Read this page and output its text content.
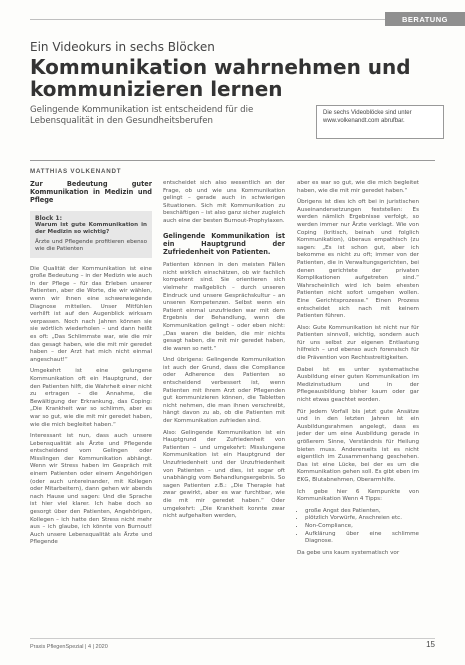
BERATUNG
Ein Videokurs in sechs Blöcken
Kommunikation wahrnehmen und kommunizieren lernen
Gelingende Kommunikation ist entscheidend für die Lebensqualität in den Gesundheitsberufen
Die sechs Videoblöcke sind unter www.volkenandt.com abrufbar.
MATTHIAS VOLKENANDT
Zur Bedeutung guter Kommunikation in Medizin und Pflege
Block 1:
Warum ist gute Kommunikation in der Medizin so wichtig?
Ärzte und Pflegende profitieren ebenso wie die Patienten

Die Qualität der Kommunikation ist eine große Bedeutung – in der Medizin wie auch in der Pflege – für das Erleben unserer Patienten, aber die Worte, die wir wählen, wenn wir ihnen eine schwerwiegende Diagnose mitteilen. Unser Mitfühlen verhilft ist auf den Augenblick wirksam verpassen. Noch nach Jahren können sie sie wörtlich wiederholen – und dann heißt es oft: „Das Schlimmste war, wie die mir das gesagt haben, wie die mit mir geredet haben – der Arzt hat mich nicht einmal angeschaut!“

Umgekehrt ist eine gelungene Kommunikation oft ein Hauptgrund, der den Patienten hilft, die Wahrheit einer nicht zu ertragen – die Annahme, die Bewältigung der Erkrankung, das Coping: „Die Krankheit war so schlimm, aber es war so gut, wie die mit mir geredet haben, wie die mich begleitet haben.“

Interessant ist nun, dass auch unsere Lebensqualität als Ärzte und Pflegende entscheidend vom Gelingen oder Misslingen der Kommunikation abhängt. Wenn wir Stress haben im Gespräch mit einem Patienten oder einem Angehörigen (oder auch untereinander, mit Kollegen oder Mitarbeitern), dann gehen wir abends nach Hause und sagen: Und die Sprache ist hier viel klarer. Ich habe doch so gesorgt über den Patienten, Angehörigen, Kollegen – ich hatte den Stress nicht mehr aus – ich glaube, ich könnte von Burnout! Auch unsere Lebensqualität als Ärzte und Pflegende

entscheidet sich also wesentlich an der Frage, ob und wie uns Kommunikation gelingt – gerade auch in schwierigen Situationen. Sich mit Kommunikation zu beschäftigen – ist also ganz sicher zugleich auch eine der besten Burnout-Prophylaxen.

Gelingende Kommunikation ist ein Hauptgrund der Zufriedenheit von Patienten.

Patienten können in den meisten Fällen nicht wirklich einschätzen, ob wir fachlich kompetent sind. Sie orientieren sich vielmehr maßgeblich – durch unseren Eindruck und unsere Gesprächskultur – an unseren Kompetenzen. Selbst wenn ein Patient einmal unzufrieden war mit dem Ergebnis der Behandlung, wenn die Kommunikation gelingt – oder eben nicht: „Das waren die beiden, die mir nichts gesagt haben, die mit mir geredet haben, die waren so nett.“

Und übrigens: Gelingende Kommunikation ist auch der Grund, dass die Compliance oder Adherence des Patienten so entscheidend verbessert ist, wenn Patienten mit ihrem Arzt oder Pflegenden gut kommunizieren können, die Tabletten nicht nehmen, die man ihnen verschreibt, hängt davon zu ab, ob die Patienten mit der Kommunikation zufrieden sind.

Also: Gelingende Kommunikation ist ein Hauptgrund der Zufriedenheit von Patienten – und umgekehrt: Misslungene Kommunikation ist ein Hauptgrund der Unzufriedenheit und der Unzufriedenheit von Patienten – und dies, ist sogar oft unabhängig vom Behandlungsergebnis. So sagen Patienten z.B.: „Die Therapie hat zwar gewirkt, aber es war furchtbar, wie die mit mir geredet haben.“ Oder umgekehrt: „Die Krankheit konnte zwar nicht aufgehalten werden,

aber es war so gut, wie die mich begleitet haben, wie die mit mir geredet haben.“

Übrigens ist dies ich oft bei in juristischen Auseinandersetzungen feststellen: Es werden nämlich Ergebnisse verfolgt, so werden immer nur Ärzte verklagt. Wie von Coping (kritisch, beinah und folglich Kommunikation), überaus empathisch (zu sagen: „Es ist schon gut, aber ich bekomme es nicht zu oft; immer von der Patienten, die in Verwaltungsgerichten, bei denen gerichtete der privaten Komplikationen aufgetreten sind.“ Wahrscheinlich wird ich beim ehesten Patienten nicht sofort umgehen wollen. Eine Gerichtsprozesse.“ Einen Prozess entscheidet sich nach mit keinem Patienten führen.

Also: Gute Kommunikation ist nicht nur für Patienten sinnvoll, wichtig, sondern auch für uns selbst zur eigenen Entlastung hilfreich – und ebenso auch forensisch für die Prävention von Rechtsstreitigkeiten.

Dabei ist es unter systematische Ausbildung einer guten Kommunikation im Medizinstudium und in der Pflegeausbildung bisher kaum oder gar nicht etwas geachtet worden.

Für jedem Vorfall bis jetzt gute Ansätze und in den letzten Jahren ist ein Ausbildungsrahmen angelegt, dass es jeder der um eine Ausbildung gerade in größerem Sinne, Verständnis für Heilung bieten muss. Andererseits ist es nicht eigentlich im Zusammenhang geschehen. Das ist eine Lücke, bei der es um die Kommunikation gehen soll. Es gibt eben im EKG, Blutabnehmen, Oberarmhilfe.

Ich gebe hier 6 Kernpunkte von Kommunikation Wenn 4 Tipps:

• große Angst des Patienten,
• plötzlich Vorwürfe, Anschreien etc.
• Non-Compliance,
• Aufklärung über eine schlimme Diagnose.

Da gebe uns kaum systematisch vor

Praxis PflegenSpezial | 4 | 2020	15
